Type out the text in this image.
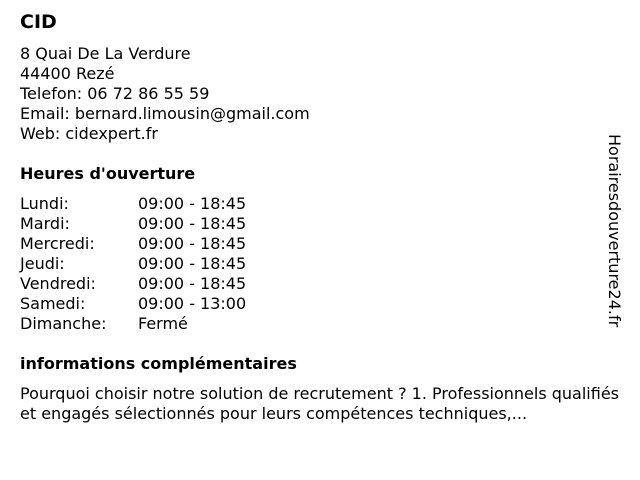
CID
8 Quai De La Verdure
44400 Rezé
Telefon: 06 72 86 55 59
Email: bernard.limousin@gmail.com
Web: cidexpert.fr
Heures d'ouverture
Lundi:	09:00 - 18:45
Mardi:	09:00 - 18:45
Mercredi:	09:00 - 18:45
Jeudi:	09:00 - 18:45
Vendredi:	09:00 - 18:45
Samedi:	09:00 - 13:00
Dimanche:	Fermé
informations complémentaires
Pourquoi choisir notre solution de recrutement ? 1. Professionnels qualifiés et engagés sélectionnés pour leurs compétences techniques,...
Horairesdouverture24.fr
